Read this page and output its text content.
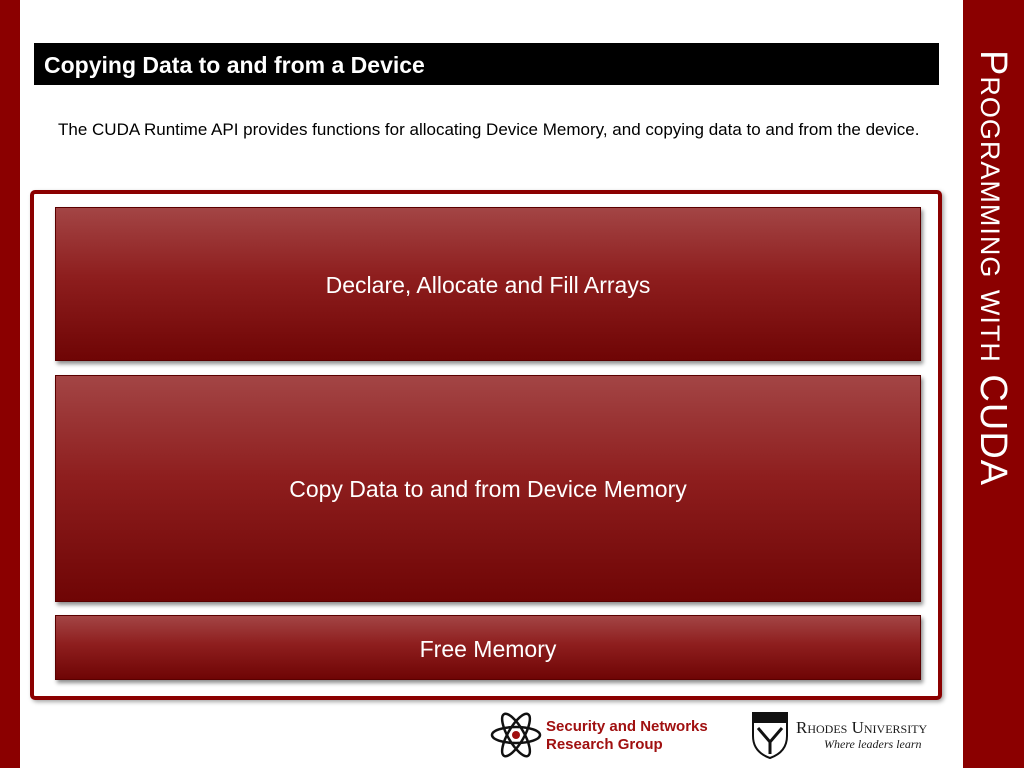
Programming with CUDA
Copying Data to and from a Device
The CUDA Runtime API provides functions for allocating Device Memory, and copying data to and from the device.
Declare, Allocate and Fill Arrays
Copy Data to and from Device Memory
Free Memory
Security and Networks
Research Group
Rhodes University
Where leaders learn
